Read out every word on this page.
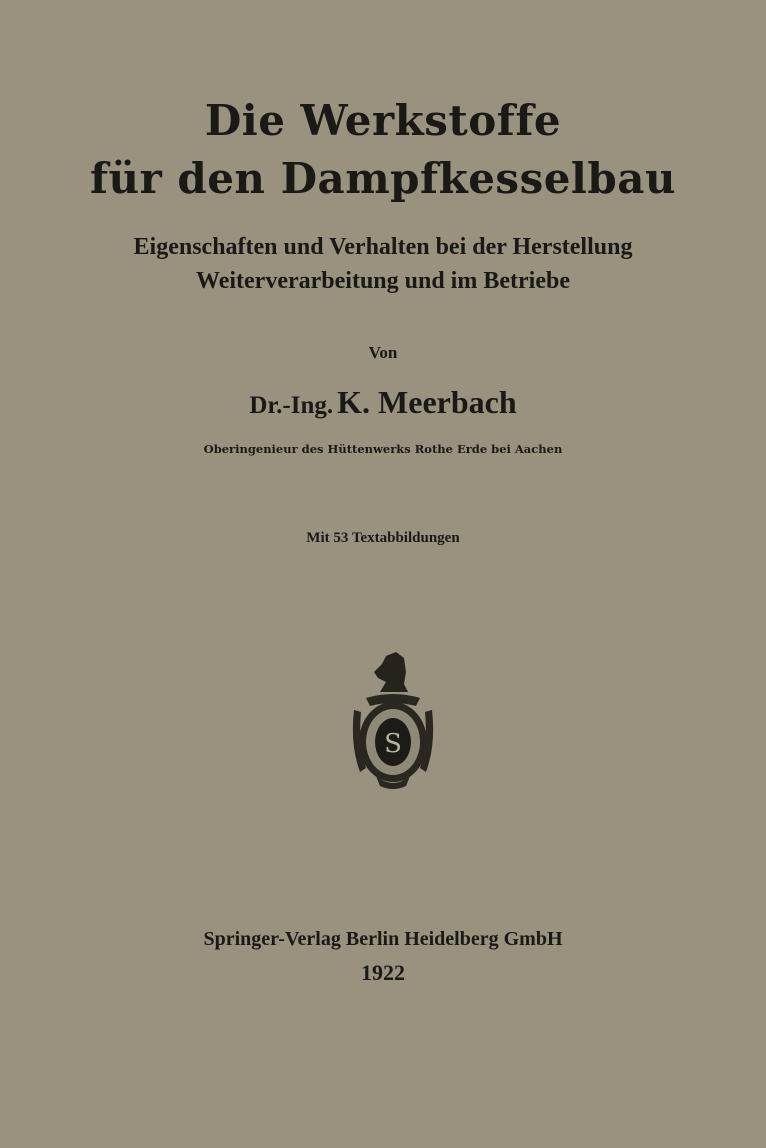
Die Werkstoffe
für den Dampfkesselbau
Eigenschaften und Verhalten bei der Herstellung
Weiterverarbeitung und im Betriebe
Von
Dr.-Ing. K. Meerbach
Oberingenieur des Hüttenwerks Rothe Erde bei Aachen
Mit 53 Textabbildungen
S
Springer-Verlag Berlin Heidelberg GmbH
1922
